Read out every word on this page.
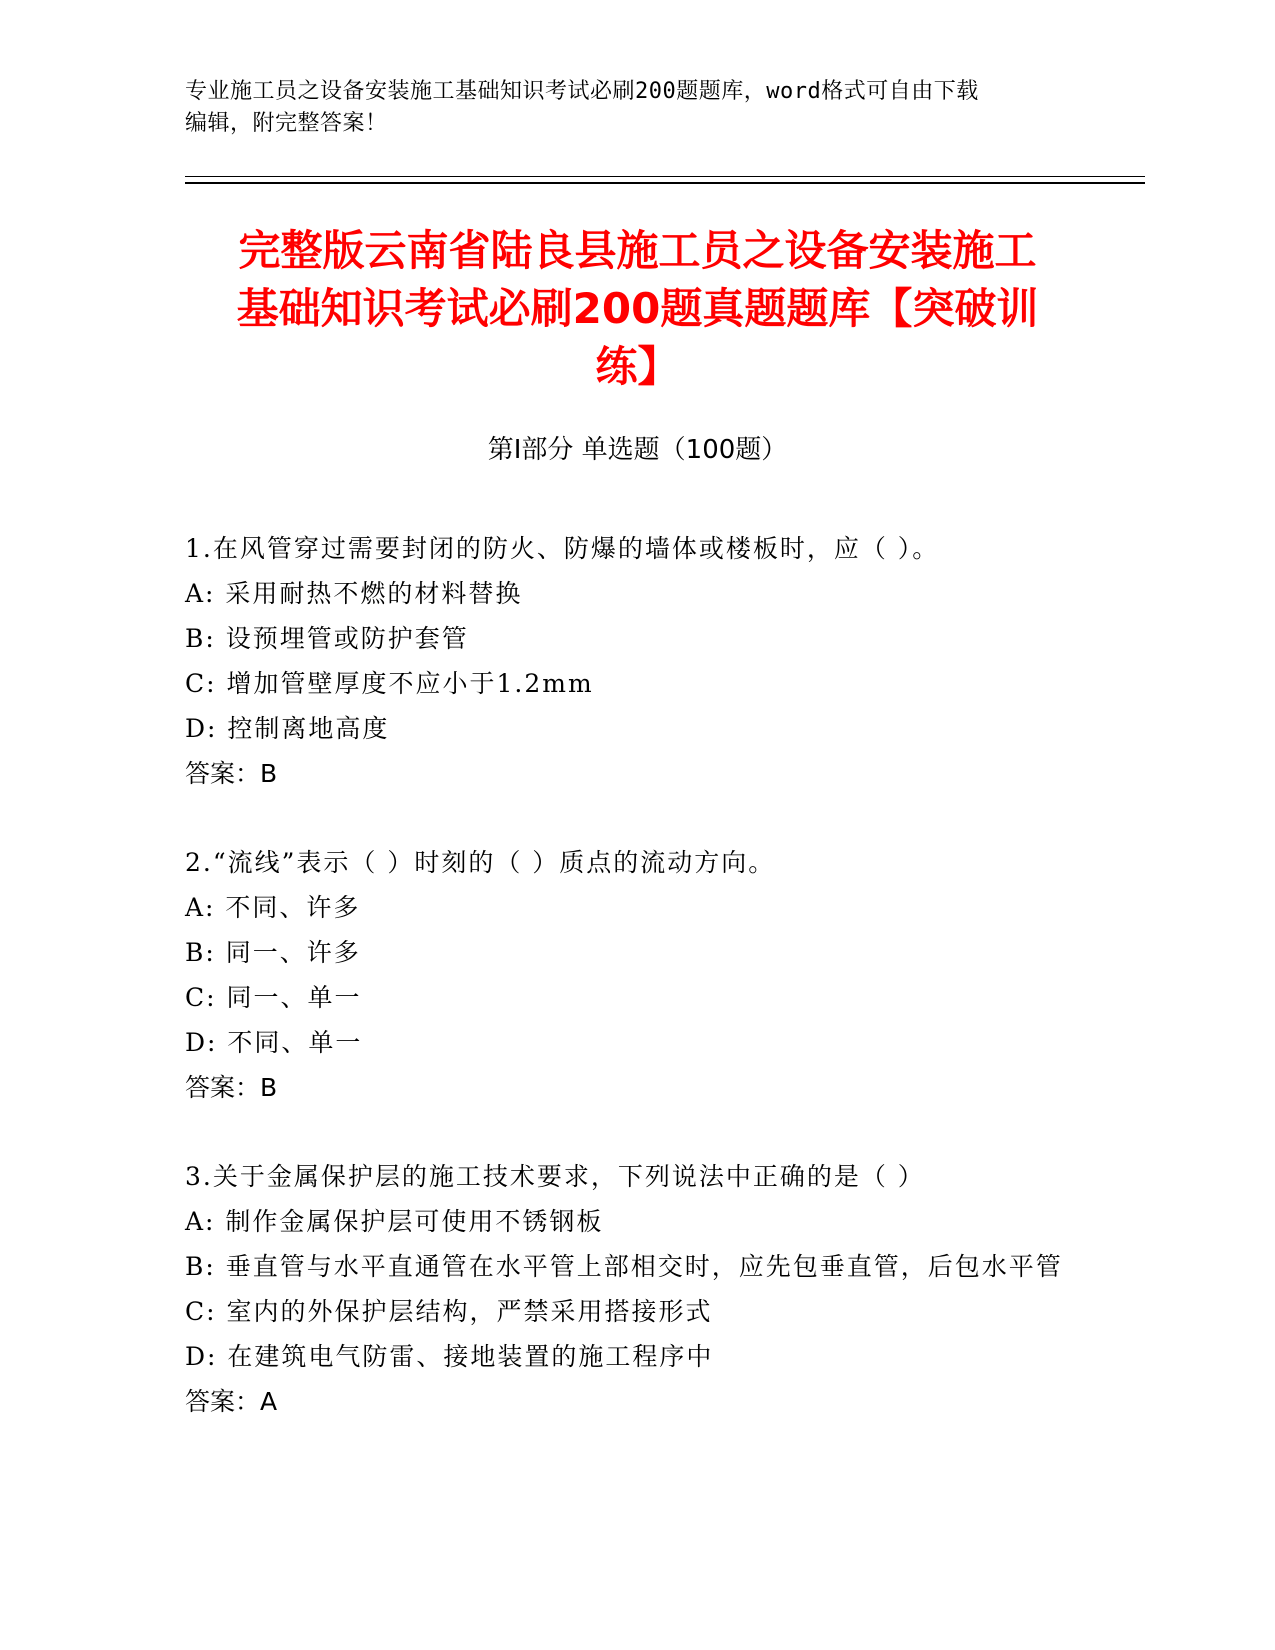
专业施工员之设备安装施工基础知识考试必刷200题题库，word格式可自由下载
编辑，附完整答案！
完整版云南省陆良县施工员之设备安装施工
基础知识考试必刷200题真题题库【突破训
练】
第I部分 单选题（100题）
1.在风管穿过需要封闭的防火、防爆的墙体或楼板时，应（ ）。
A: 采用耐热不燃的材料替换
B: 设预埋管或防护套管
C: 增加管壁厚度不应小于1.2mm
D: 控制离地高度
答案：B
2.“流线”表示（ ）时刻的（ ）质点的流动方向。
A: 不同、许多
B: 同一、许多
C: 同一、单一
D: 不同、单一
答案：B
3.关于金属保护层的施工技术要求，下列说法中正确的是（ ）
A: 制作金属保护层可使用不锈钢板
B: 垂直管与水平直通管在水平管上部相交时，应先包垂直管，后包水平管
C: 室内的外保护层结构，严禁采用搭接形式
D: 在建筑电气防雷、接地装置的施工程序中
答案：A
